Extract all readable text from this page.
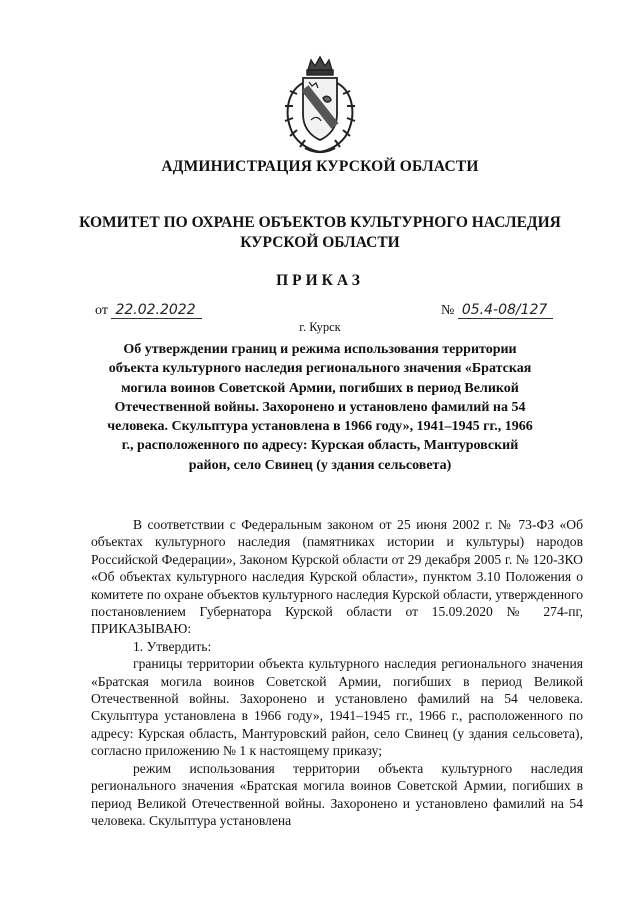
АДМИНИСТРАЦИЯ КУРСКОЙ ОБЛАСТИ
КОМИТЕТ ПО ОХРАНЕ ОБЪЕКТОВ КУЛЬТУРНОГО НАСЛЕДИЯ
КУРСКОЙ ОБЛАСТИ
ПРИКАЗ
от 22.02.2022	№ 05.4-08/127
г. Курск
Об утверждении границ и режима использования территории объекта культурного наследия регионального значения «Братская могила воинов Советской Армии, погибших в период Великой Отечественной войны. Захоронено и установлено фамилий на 54 человека. Скульптура установлена в 1966 году», 1941–1945 гг., 1966 г., расположенного по адресу: Курская область, Мантуровский район, село Свинец (у здания сельсовета)

В соответствии с Федеральным законом от 25 июня 2002 г. № 73-ФЗ «Об объектах культурного наследия (памятниках истории и культуры) народов Российской Федерации», Законом Курской области от 29 декабря 2005 г. № 120-ЗКО «Об объектах культурного наследия Курской области», пунктом 3.10 Положения о комитете по охране объектов культурного наследия Курской области, утвержденного постановлением Губернатора Курской области от 15.09.2020 № 274-пг, ПРИКАЗЫВАЮ:

1. Утвердить:

границы территории объекта культурного наследия регионального значения «Братская могила воинов Советской Армии, погибших в период Великой Отечественной войны. Захоронено и установлено фамилий на 54 человека. Скульптура установлена в 1966 году», 1941–1945 гг., 1966 г., расположенного по адресу: Курская область, Мантуровский район, село Свинец (у здания сельсовета), согласно приложению № 1 к настоящему приказу;

режим использования территории объекта культурного наследия регионального значения «Братская могила воинов Советской Армии, погибших в период Великой Отечественной войны. Захоронено и установлено фамилий на 54 человека. Скульптура установлена
